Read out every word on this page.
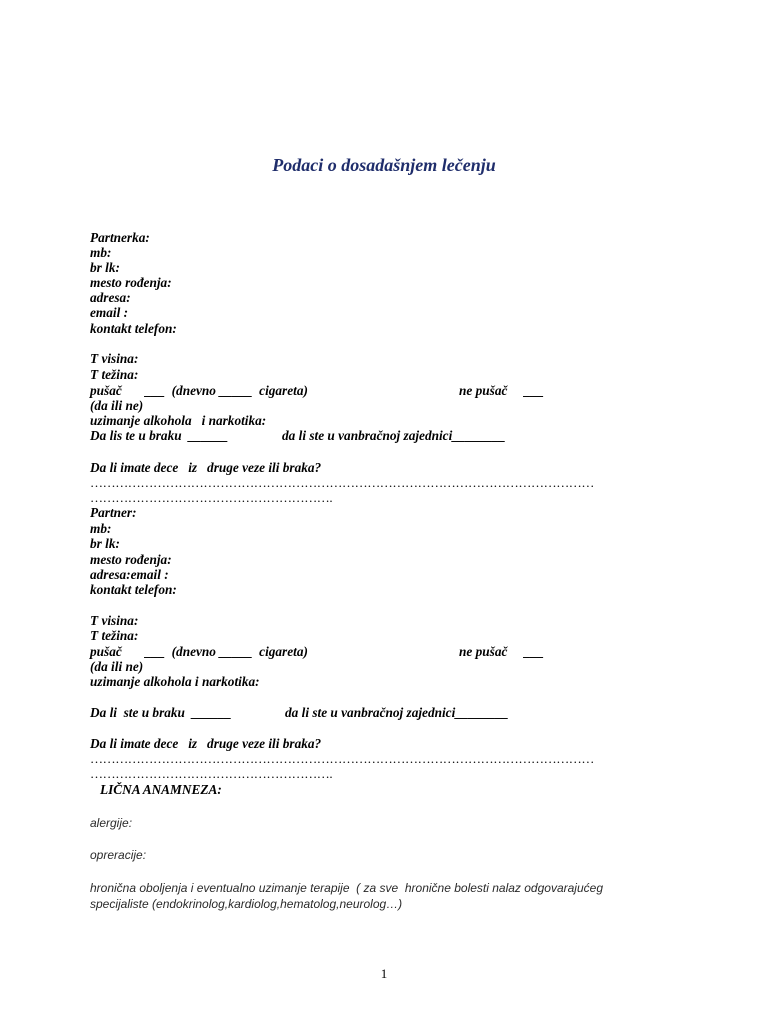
Podaci o dosadašnjem lečenju
Partnerka:
mb:
br lk:
mesto rođenja:
adresa:
email :
kontakt telefon:
T visina:
T težina:
pušač       ___  (dnevno _____  cigareta)	ne pušač     ___
(da ili ne)
uzimanje alkohola   i narkotika:
Da lis te u braku  ______	da li ste u vanbračnoj zajednici________
Da li imate dece   iz   druge veze ili braka?
…………………………………………………………………………………………………………
………………………………………………….
Partner:
mb:
br lk:
mesto rođenja:
adresa:email :
kontakt telefon:
T visina:
T težina:
pušač       ___  (dnevno _____  cigareta)	ne pušač     ___
(da ili ne)
uzimanje alkohola i narkotika:
Da li  ste u braku  ______	da li ste u vanbračnoj zajednici________
Da li imate dece   iz   druge veze ili braka?
…………………………………………………………………………………………………………
………………………………………………….
LIČNA ANAMNEZA:
alergije:
opreracije:
hronična oboljenja i eventualno uzimanje terapije  ( za sve  hronične bolesti nalaz odgovarajućeg
specijaliste (endokrinolog,kardiolog,hematolog,neurolog…)
1
